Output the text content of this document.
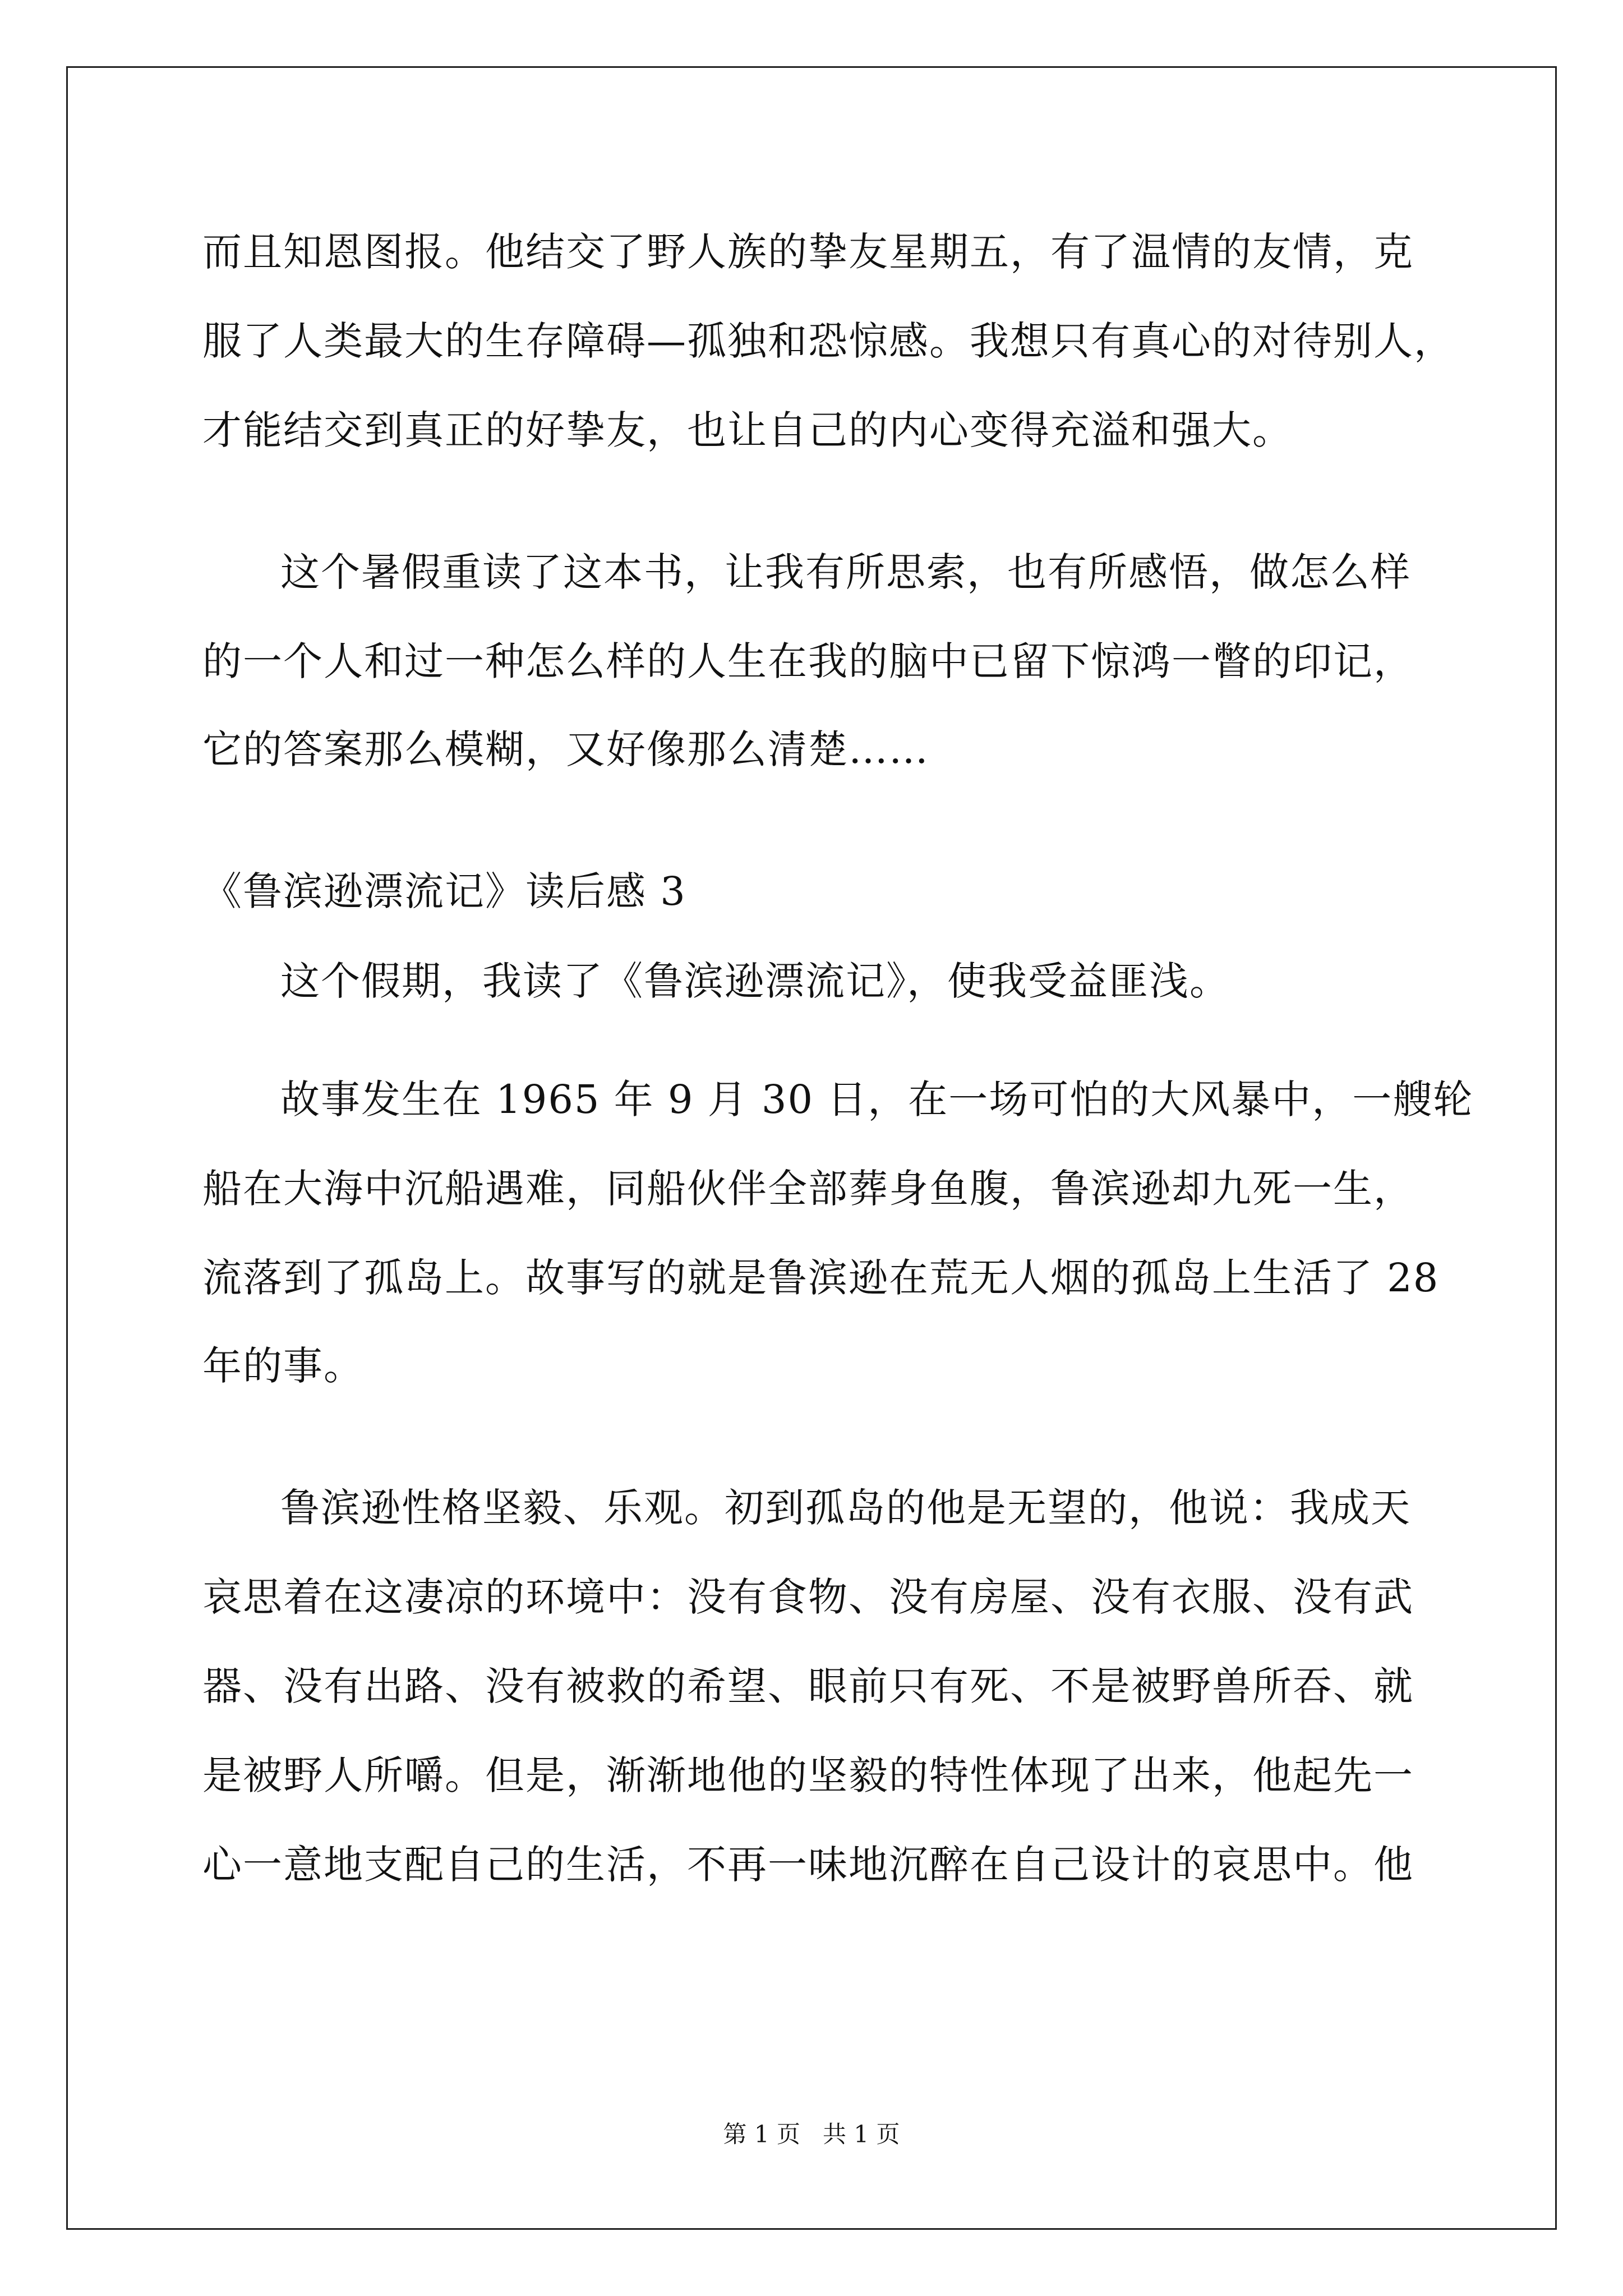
而且知恩图报。他结交了野人族的挚友星期五，有了温情的友情，克
服了人类最大的生存障碍—孤独和恐惊感。我想只有真心的对待别人，
才能结交到真正的好挚友，也让自己的内心变得充溢和强大。
这个暑假重读了这本书，让我有所思索，也有所感悟，做怎么样
的一个人和过一种怎么样的人生在我的脑中已留下惊鸿一瞥的印记，
它的答案那么模糊，又好像那么清楚……
《鲁滨逊漂流记》读后感 3
这个假期，我读了《鲁滨逊漂流记》，使我受益匪浅。
故事发生在 1965 年 9 月 30 日，在一场可怕的大风暴中，一艘轮
船在大海中沉船遇难，同船伙伴全部葬身鱼腹，鲁滨逊却九死一生，
流落到了孤岛上。故事写的就是鲁滨逊在荒无人烟的孤岛上生活了 28
年的事。
鲁滨逊性格坚毅、乐观。初到孤岛的他是无望的，他说：我成天
哀思着在这凄凉的环境中：没有食物、没有房屋、没有衣服、没有武
器、没有出路、没有被救的希望、眼前只有死、不是被野兽所吞、就
是被野人所嚼。但是，渐渐地他的坚毅的特性体现了出来，他起先一
心一意地支配自己的生活，不再一味地沉醉在自己设计的哀思中。他
第 1 页   共 1 页
